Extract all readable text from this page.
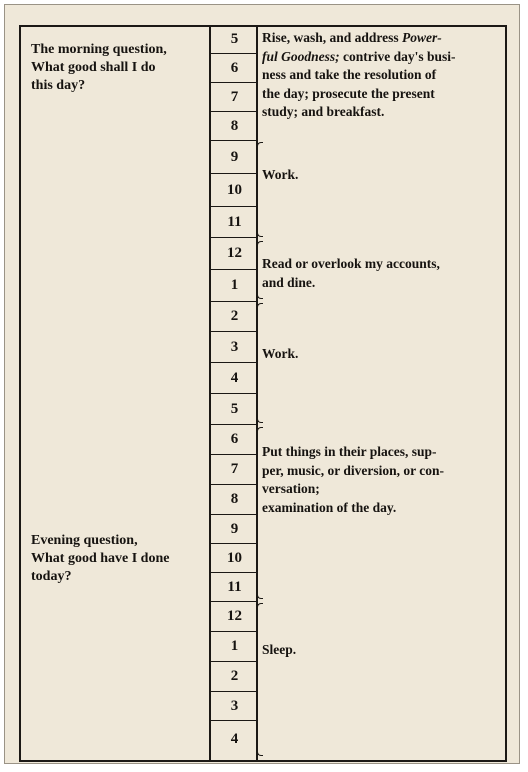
The morning question,
What good shall I do
this day?
Evening question,
What good have I done
today?
5
6
7
8
9
10
11
12
1
2
3
4
5
6
7
8
9
10
11
12
1
2
3
4
Rise, wash, and address Power-
ful Goodness; contrive day's busi-
ness and take the resolution of
the day; prosecute the present
study; and breakfast.
Work.
Read or overlook my accounts,
and dine.
Work.
Put things in their places, sup-
per, music, or diversion, or con-
versation;
examination of the day.
Sleep.
